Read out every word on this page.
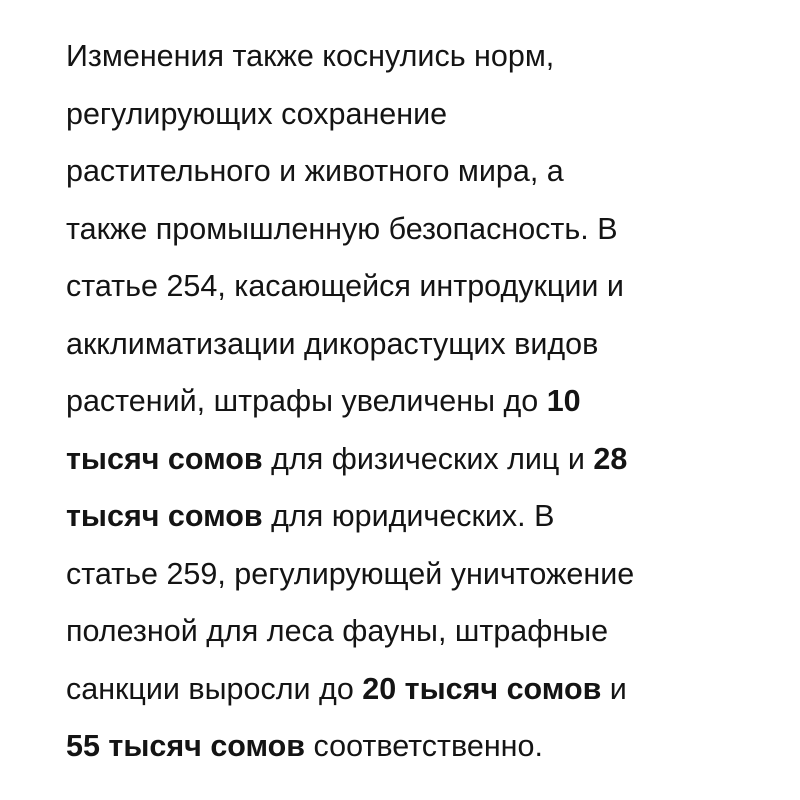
Изменения также коснулись норм,
регулирующих сохранение
растительного и животного мира, а
также промышленную безопасность. В
статье 254, касающейся интродукции и
акклиматизации дикорастущих видов
растений, штрафы увеличены до 10
тысяч сомов для физических лиц и 28
тысяч сомов для юридических. В
статье 259, регулирующей уничтожение
полезной для леса фауны, штрафные
санкции выросли до 20 тысяч сомов и
55 тысяч сомов соответственно.
